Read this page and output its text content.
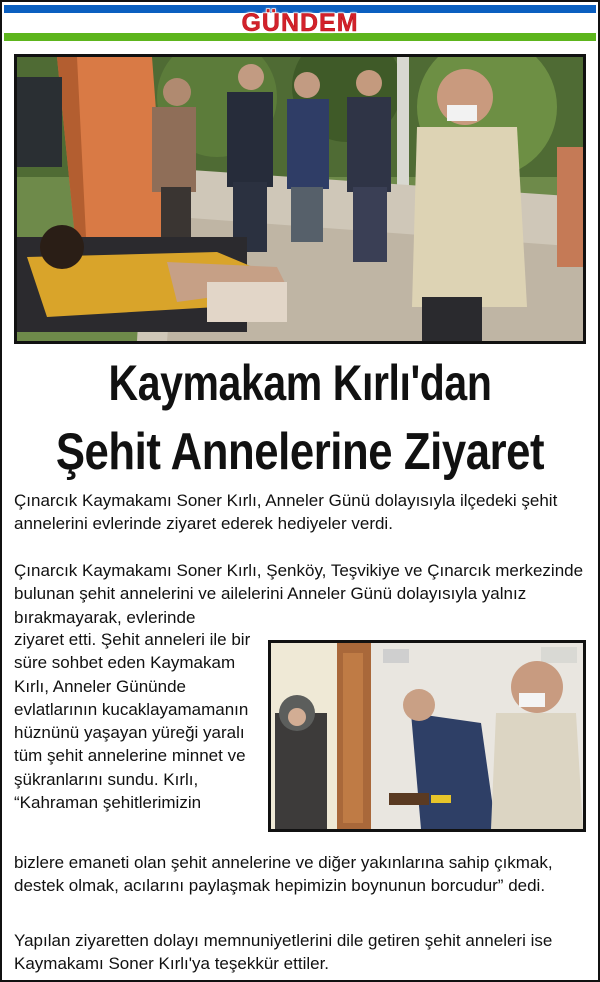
GÜNDEM
Kaymakam Kırlı'dan
Şehit Annelerine Ziyaret
Çınarcık Kaymakamı Soner Kırlı, Anneler Günü dolayısıyla ilçedeki şehit annelerini evlerinde ziyaret ederek hediyeler verdi.
Çınarcık Kaymakamı Soner Kırlı, Şenköy, Teşvikiye ve Çınarcık merkezinde bulunan şehit annelerini ve ailelerini Anneler Günü dolayısıyla yalnız bırakmayarak, evlerinde
ziyaret etti. Şehit anneleri ile bir süre sohbet eden Kaymakam Kırlı, Anneler Gününde evlatlarının kucaklayamamanın hüznünü yaşayan yüreği yaralı tüm şehit annelerine minnet ve şükranlarını sundu. Kırlı, “Kahraman şehitlerimizin
bizlere emaneti olan şehit annelerine ve diğer yakınlarına sahip çıkmak, destek olmak, acılarını paylaşmak hepimizin boynunun borcudur” dedi.
Yapılan ziyaretten dolayı memnuniyetlerini dile getiren şehit anneleri ise Kaymakamı Soner Kırlı'ya teşekkür ettiler.
